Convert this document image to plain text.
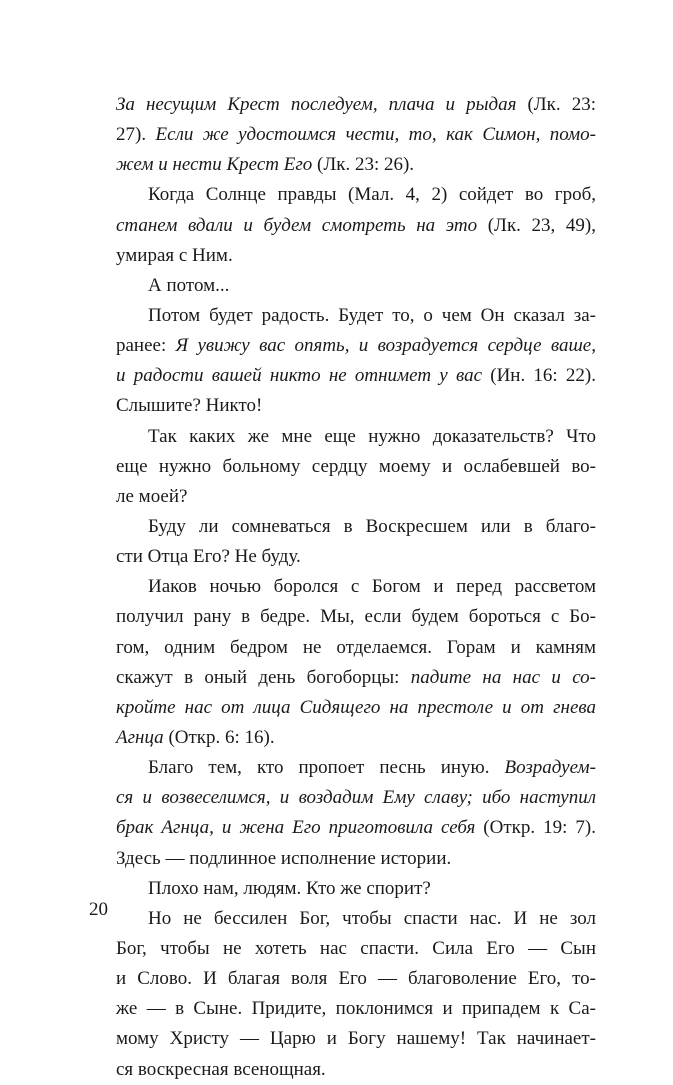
За несущим Крест последуем, плача и рыдая (Лк. 23:
27). Если же удостоимся чести, то, как Симон, помо-
жем и нести Крест Его (Лк. 23: 26).
Когда Солнце правды (Мал. 4, 2) сойдет во гроб,
станем вдали и будем смотреть на это (Лк. 23, 49),
умирая с Ним.
А потом...
Потом будет радость. Будет то, о чем Он сказал за-
ранее: Я увижу вас опять, и возрадуется сердце ваше,
и радости вашей никто не отнимет у вас (Ин. 16: 22).
Слышите? Никто!
Так каких же мне еще нужно доказательств? Что
еще нужно больному сердцу моему и ослабевшей во-
ле моей?
Буду ли сомневаться в Воскресшем или в благо-
сти Отца Его? Не буду.
Иаков ночью боролся с Богом и перед рассветом
получил рану в бедре. Мы, если будем бороться с Бо-
гом, одним бедром не отделаемся. Горам и камням
скажут в оный день богоборцы: падите на нас и со-
кройте нас от лица Сидящего на престоле и от гнева
Агнца (Откр. 6: 16).
Благо тем, кто пропоет песнь иную. Возрадуем-
ся и возвеселимся, и воздадим Ему славу; ибо наступил
брак Агнца, и жена Его приготовила себя (Откр. 19: 7).
Здесь — подлинное исполнение истории.
Плохо нам, людям. Кто же спорит?
Но не бессилен Бог, чтобы спасти нас. И не зол
Бог, чтобы не хотеть нас спасти. Сила Его — Сын
и Слово. И благая воля Его — благоволение Его, то-
же — в Сыне. Придите, поклонимся и припадем к Са-
мому Христу — Царю и Богу нашему! Так начинает-
ся воскресная всенощная.
20
